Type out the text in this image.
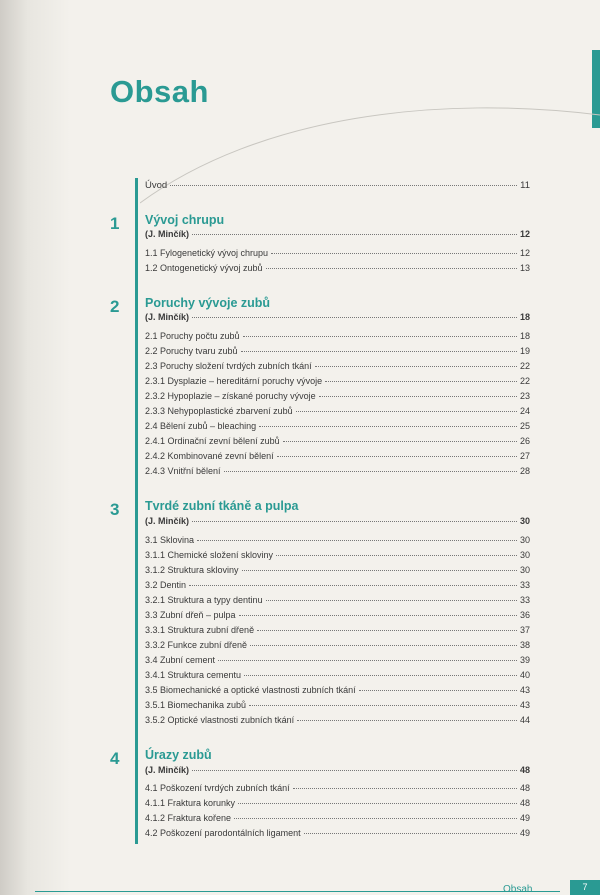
Obsah
Úvod	11
1 Vývoj chrupu
(J. Minčík)	12
1.1 Fylogenetický vývoj chrupu	12
1.2 Ontogenetický vývoj zubů	13
2 Poruchy vývoje zubů
(J. Minčík)	18
2.1 Poruchy počtu zubů	18
2.2 Poruchy tvaru zubů	19
2.3 Poruchy složení tvrdých zubních tkání	22
2.3.1 Dysplazie – hereditární poruchy vývoje	22
2.3.2 Hypoplazie – získané poruchy vývoje	23
2.3.3 Nehypoplastické zbarvení zubů	24
2.4 Bělení zubů – bleaching	25
2.4.1 Ordinační zevní bělení zubů	26
2.4.2 Kombinované zevní bělení	27
2.4.3 Vnitřní bělení	28
3 Tvrdé zubní tkáně a pulpa
(J. Minčík)	30
3.1 Sklovina	30
3.1.1 Chemické složení skloviny	30
3.1.2 Struktura skloviny	30
3.2 Dentin	33
3.2.1 Struktura a typy dentinu	33
3.3 Zubní dřeň – pulpa	36
3.3.1 Struktura zubní dřeně	37
3.3.2 Funkce zubní dřeně	38
3.4 Zubní cement	39
3.4.1 Struktura cementu	40
3.5 Biomechanické a optické vlastnosti zubních tkání	43
3.5.1 Biomechanika zubů	43
3.5.2 Optické vlastnosti zubních tkání	44
4 Úrazy zubů
(J. Minčík)	48
4.1 Poškození tvrdých zubních tkání	48
4.1.1 Fraktura korunky	48
4.1.2 Fraktura kořene	49
4.2 Poškození parodontálních ligament	49
Obsah	7
